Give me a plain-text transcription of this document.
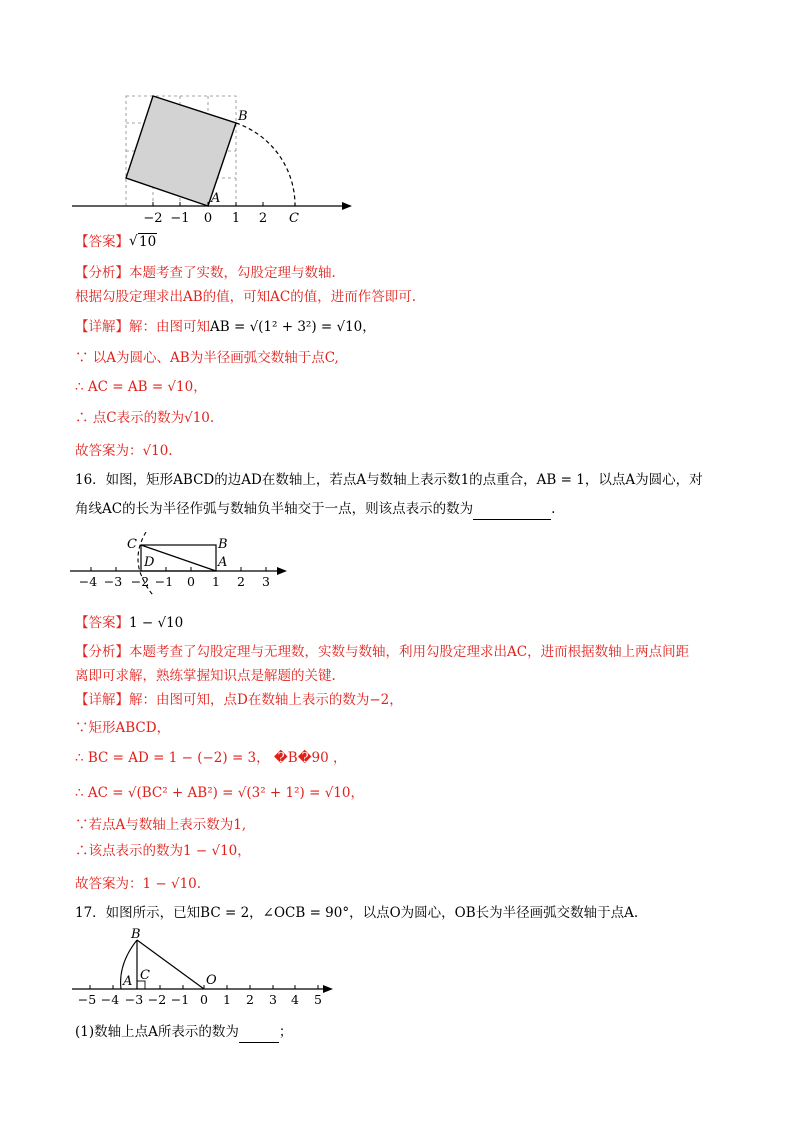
−2 −1 0 1 2
B
A
C
【答案】√ 10
【分析】本题考查了实数，勾股定理与数轴.
根据勾股定理求出AB的值，可知AC的值，进而作答即可.
【详解】解：由图可知AB = √(1² + 3²) = √10，
∵ 以A为圆心、AB为半径画弧交数轴于点C,
∴ AC = AB = √10，
∴ 点C表示的数为√10.
故答案为：√10.
16．如图，矩形ABCD的边AD在数轴上，若点A与数轴上表示数1的点重合，AB = 1，以点A为圆心，对
角线AC的长为半径作弧与数轴负半轴交于一点，则该点表示的数为	.
−4 −3 −2 −1 0 1 2 3
C	B
D	A
【答案】1 − √10
【分析】本题考查了勾股定理与无理数，实数与数轴，利用勾股定理求出AC，进而根据数轴上两点间距
离即可求解，熟练掌握知识点是解题的关键.
【详解】解：由图可知，点D在数轴上表示的数为−2，
∵矩形ABCD，
∴ BC = AD = 1 − (−2) = 3， �B�90 ，
∴ AC = √(BC² + AB²) = √(3² + 1²) = √10，
∵若点A与数轴上表示数为1,
∴该点表示的数为1 − √10，
故答案为：1 − √10.
17．如图所示，已知BC = 2，∠OCB = 90°，以点O为圆心，OB长为半径画弧交数轴于点A.
−5 −4 −3 −2 −1 0 1 2 3 4 5
B
A C	O
(1)数轴上点A所表示的数为	；
